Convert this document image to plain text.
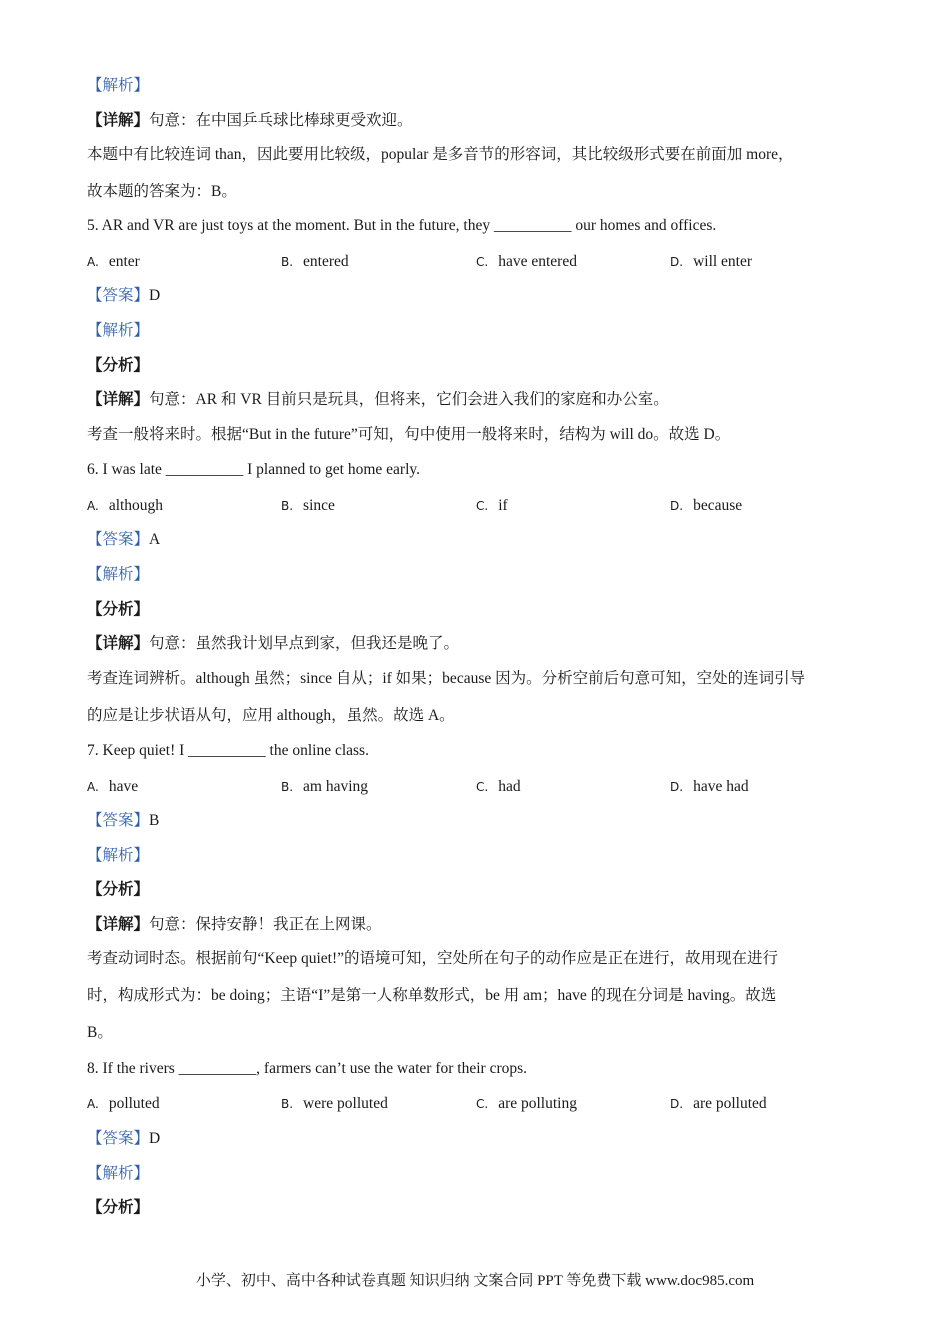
【解析】
【详解】句意：在中国乒乓球比棒球更受欢迎。
本题中有比较连词 than，因此要用比较级，popular 是多音节的形容词，其比较级形式要在前面加 more，
故本题的答案为：B。
5. AR and VR are just toys at the moment. But in the future, they __________ our homes and offices.
A. enter	B. entered	C. have entered	D. will enter
【答案】D
【解析】
【分析】
【详解】句意：AR 和 VR 目前只是玩具，但将来，它们会进入我们的家庭和办公室。
考查一般将来时。根据“But in the future”可知，句中使用一般将来时，结构为 will do。故选 D。
6. I was late __________ I planned to get home early.
A. although	B. since	C. if	D. because
【答案】A
【解析】
【分析】
【详解】句意：虽然我计划早点到家，但我还是晚了。
考查连词辨析。although 虽然；since 自从；if 如果；because 因为。分析空前后句意可知，空处的连词引导
的应是让步状语从句，应用 although，虽然。故选 A。
7. Keep quiet! I __________ the online class.
A. have	B. am having	C. had	D. have had
【答案】B
【解析】
【分析】
【详解】句意：保持安静！我正在上网课。
考查动词时态。根据前句“Keep quiet!”的语境可知，空处所在句子的动作应是正在进行，故用现在进行
时，构成形式为：be doing；主语“I”是第一人称单数形式，be 用 am；have 的现在分词是 having。故选
B。
8. If the rivers __________, farmers can’t use the water for their crops.
A. polluted	B. were polluted	C. are polluting	D. are polluted
【答案】D
【解析】
【分析】
小学、初中、高中各种试卷真题 知识归纳 文案合同 PPT 等免费下载 www.doc985.com
